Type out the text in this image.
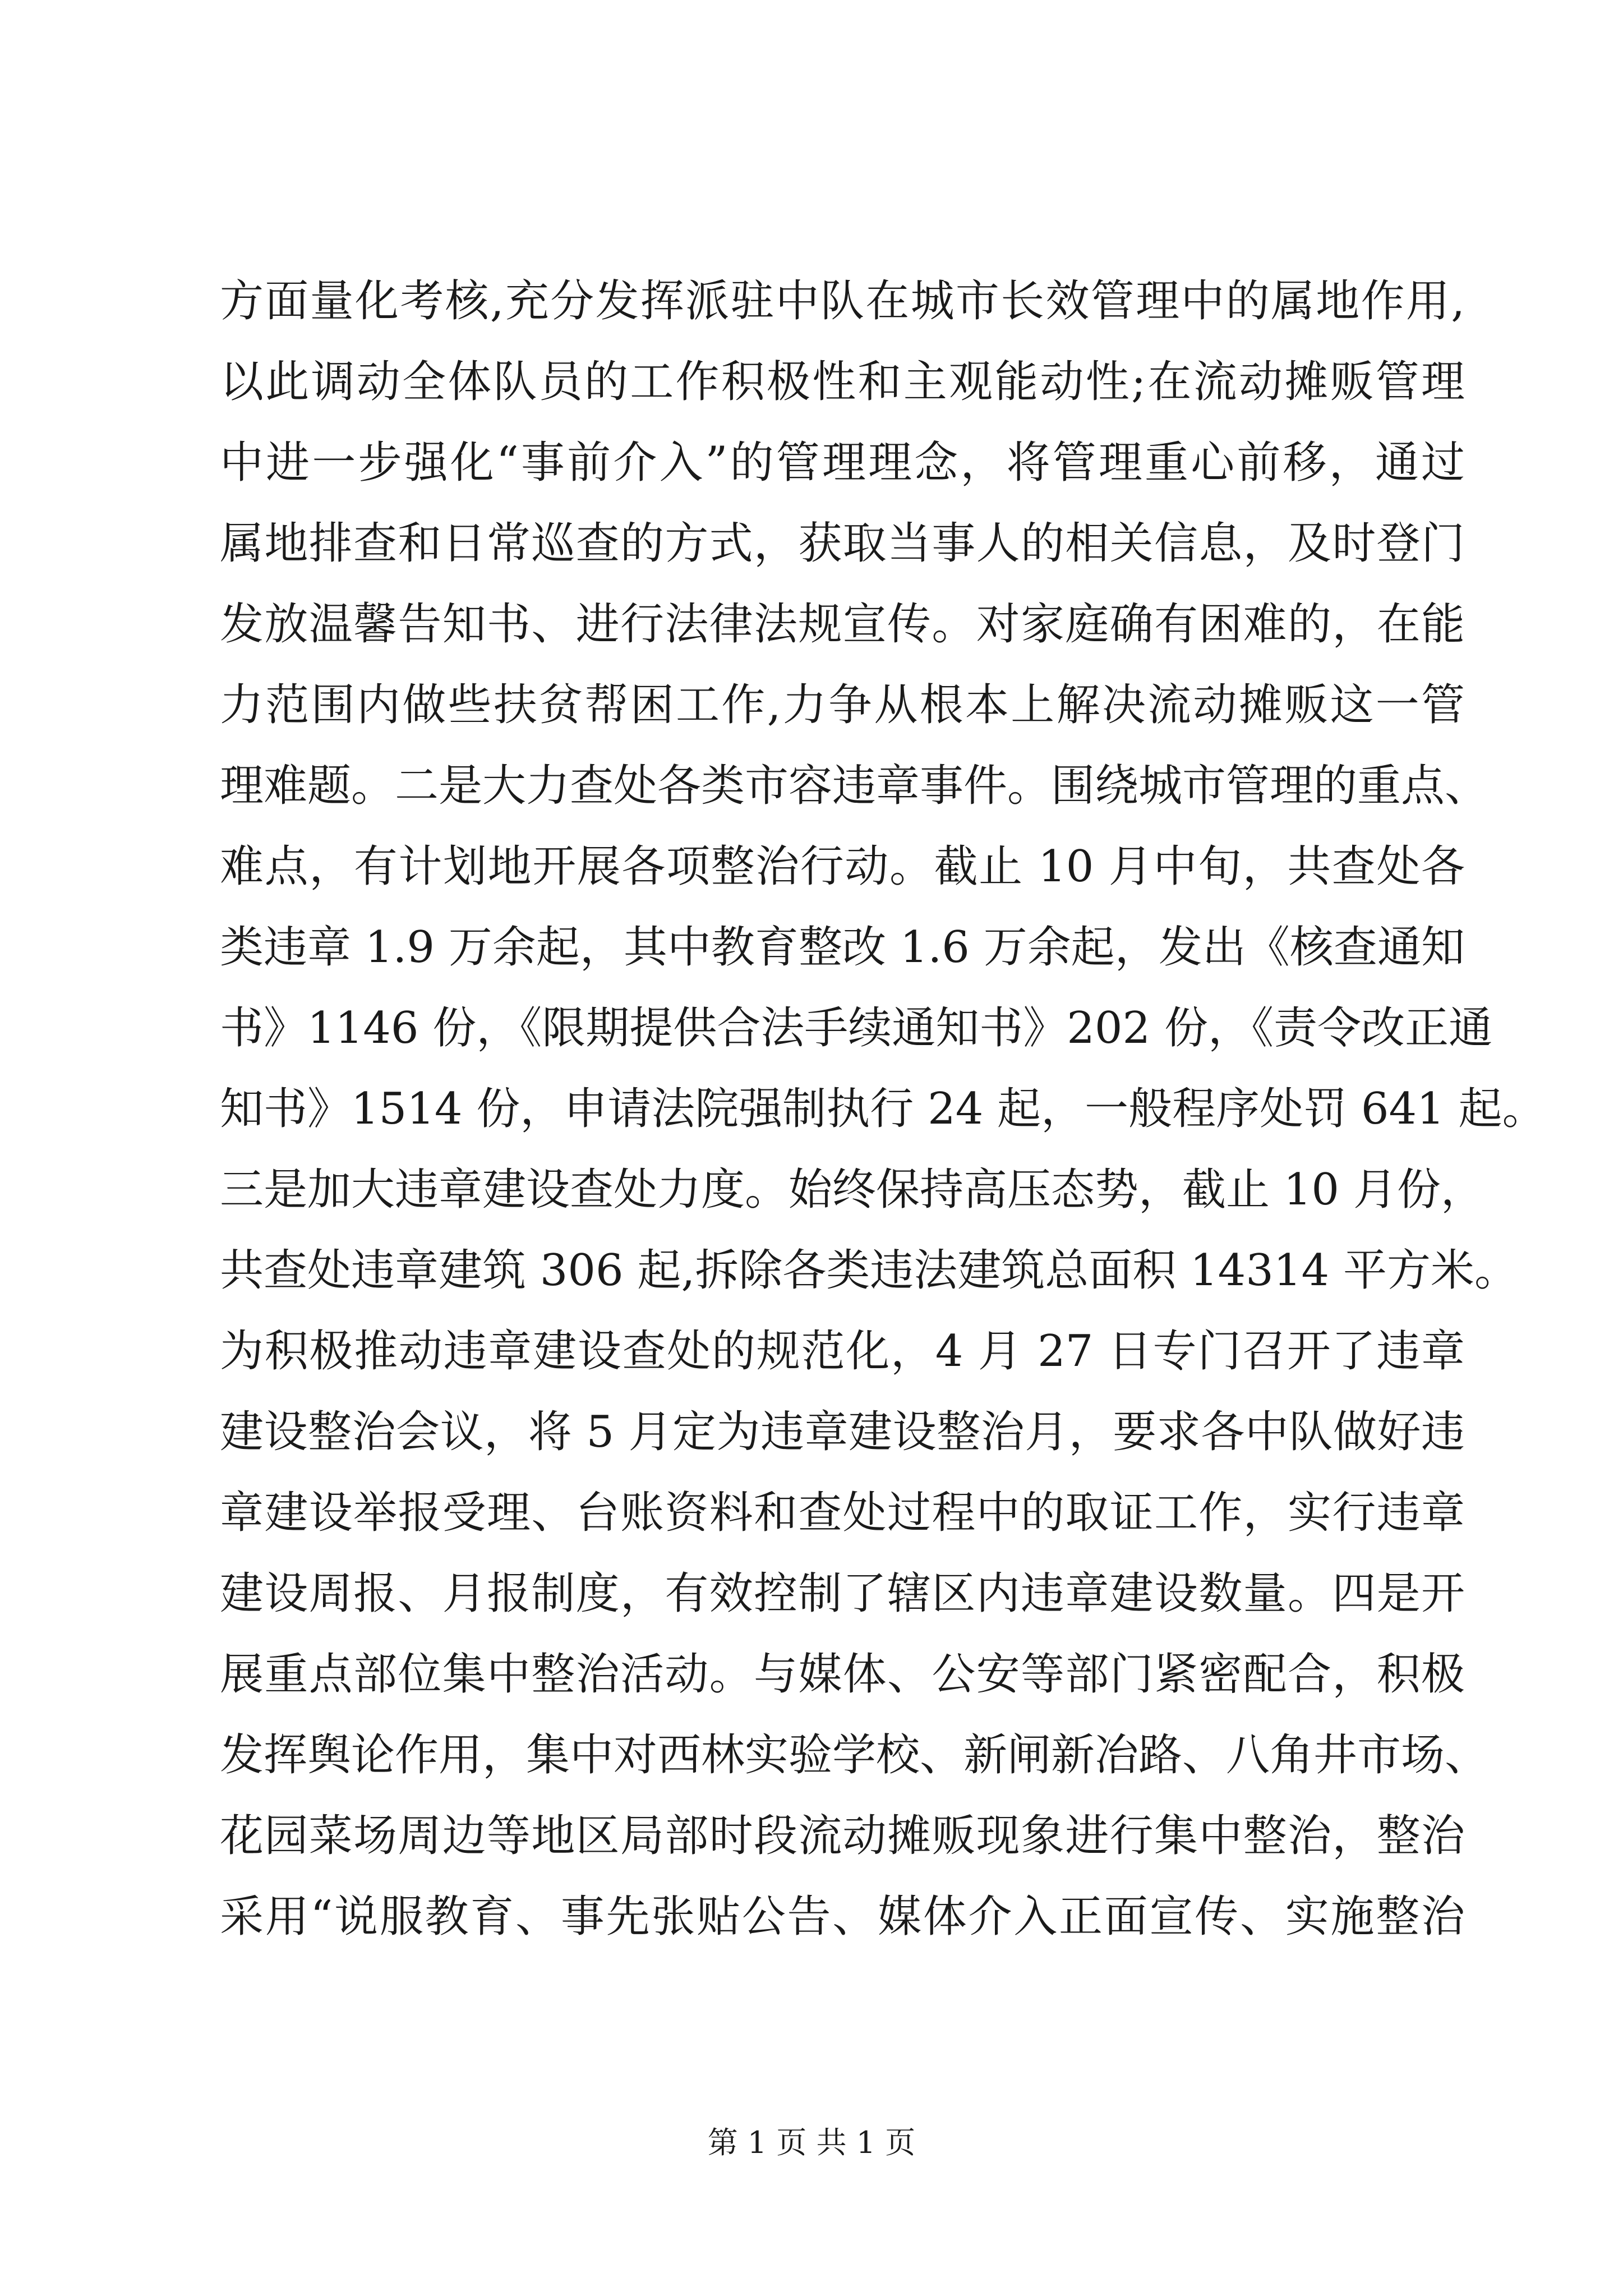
方面量化考核,充分发挥派驻中队在城市长效管理中的属地作用,
以此调动全体队员的工作积极性和主观能动性;在流动摊贩管理
中进一步强化“事前介入”的管理理念，将管理重心前移，通过
属地排查和日常巡查的方式，获取当事人的相关信息，及时登门
发放温馨告知书、进行法律法规宣传。对家庭确有困难的，在能
力范围内做些扶贫帮困工作,力争从根本上解决流动摊贩这一管
理难题。二是大力查处各类市容违章事件。围绕城市管理的重点、
难点，有计划地开展各项整治行动。截止 10 月中旬，共查处各
类违章 1.9 万余起，其中教育整改 1.6 万余起，发出《核查通知
书》1146 份，《限期提供合法手续通知书》202 份，《责令改正通
知书》1514 份，申请法院强制执行 24 起，一般程序处罚 641 起。
三是加大违章建设查处力度。始终保持高压态势，截止 10 月份，
共查处违章建筑 306 起,拆除各类违法建筑总面积 14314 平方米。
为积极推动违章建设查处的规范化，4 月 27 日专门召开了违章
建设整治会议，将 5 月定为违章建设整治月，要求各中队做好违
章建设举报受理、台账资料和查处过程中的取证工作，实行违章
建设周报、月报制度，有效控制了辖区内违章建设数量。四是开
展重点部位集中整治活动。与媒体、公安等部门紧密配合，积极
发挥舆论作用，集中对西林实验学校、新闸新冶路、八角井市场、
花园菜场周边等地区局部时段流动摊贩现象进行集中整治，整治
采用“说服教育、事先张贴公告、媒体介入正面宣传、实施整治
第 1 页 共 1 页
